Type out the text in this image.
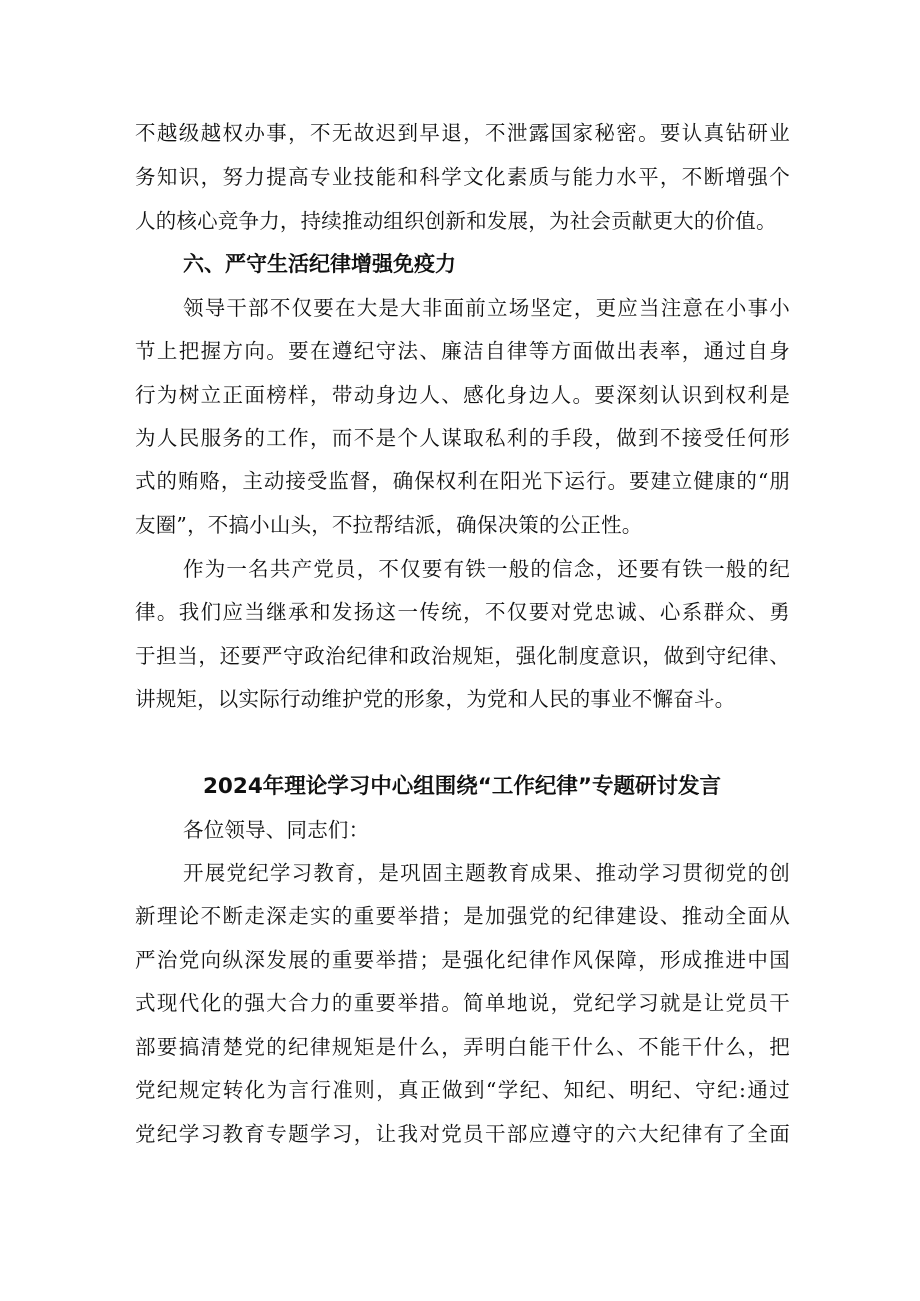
不越级越权办事，不无故迟到早退，不泄露国家秘密。要认真钻研业
务知识，努力提高专业技能和科学文化素质与能力水平，不断增强个
人的核心竞争力，持续推动组织创新和发展，为社会贡献更大的价值。
六、严守生活纪律增强免疫力
领导干部不仅要在大是大非面前立场坚定，更应当注意在小事小
节上把握方向。要在遵纪守法、廉洁自律等方面做出表率，通过自身
行为树立正面榜样，带动身边人、感化身边人。要深刻认识到权利是
为人民服务的工作，而不是个人谋取私利的手段，做到不接受任何形
式的贿赂，主动接受监督，确保权利在阳光下运行。要建立健康的“朋
友圈”，不搞小山头，不拉帮结派，确保决策的公正性。
作为一名共产党员，不仅要有铁一般的信念，还要有铁一般的纪
律。我们应当继承和发扬这一传统，不仅要对党忠诚、心系群众、勇
于担当，还要严守政治纪律和政治规矩，强化制度意识，做到守纪律、
讲规矩，以实际行动维护党的形象，为党和人民的事业不懈奋斗。
2024年理论学习中心组围绕“工作纪律”专题研讨发言
各位领导、同志们：
开展党纪学习教育，是巩固主题教育成果、推动学习贯彻党的创
新理论不断走深走实的重要举措；是加强党的纪律建设、推动全面从
严治党向纵深发展的重要举措；是强化纪律作风保障，形成推进中国
式现代化的强大合力的重要举措。简单地说，党纪学习就是让党员干
部要搞清楚党的纪律规矩是什么，弄明白能干什么、不能干什么，把
党纪规定转化为言行准则，真正做到“学纪、知纪、明纪、守纪:通过
党纪学习教育专题学习，让我对党员干部应遵守的六大纪律有了全面
